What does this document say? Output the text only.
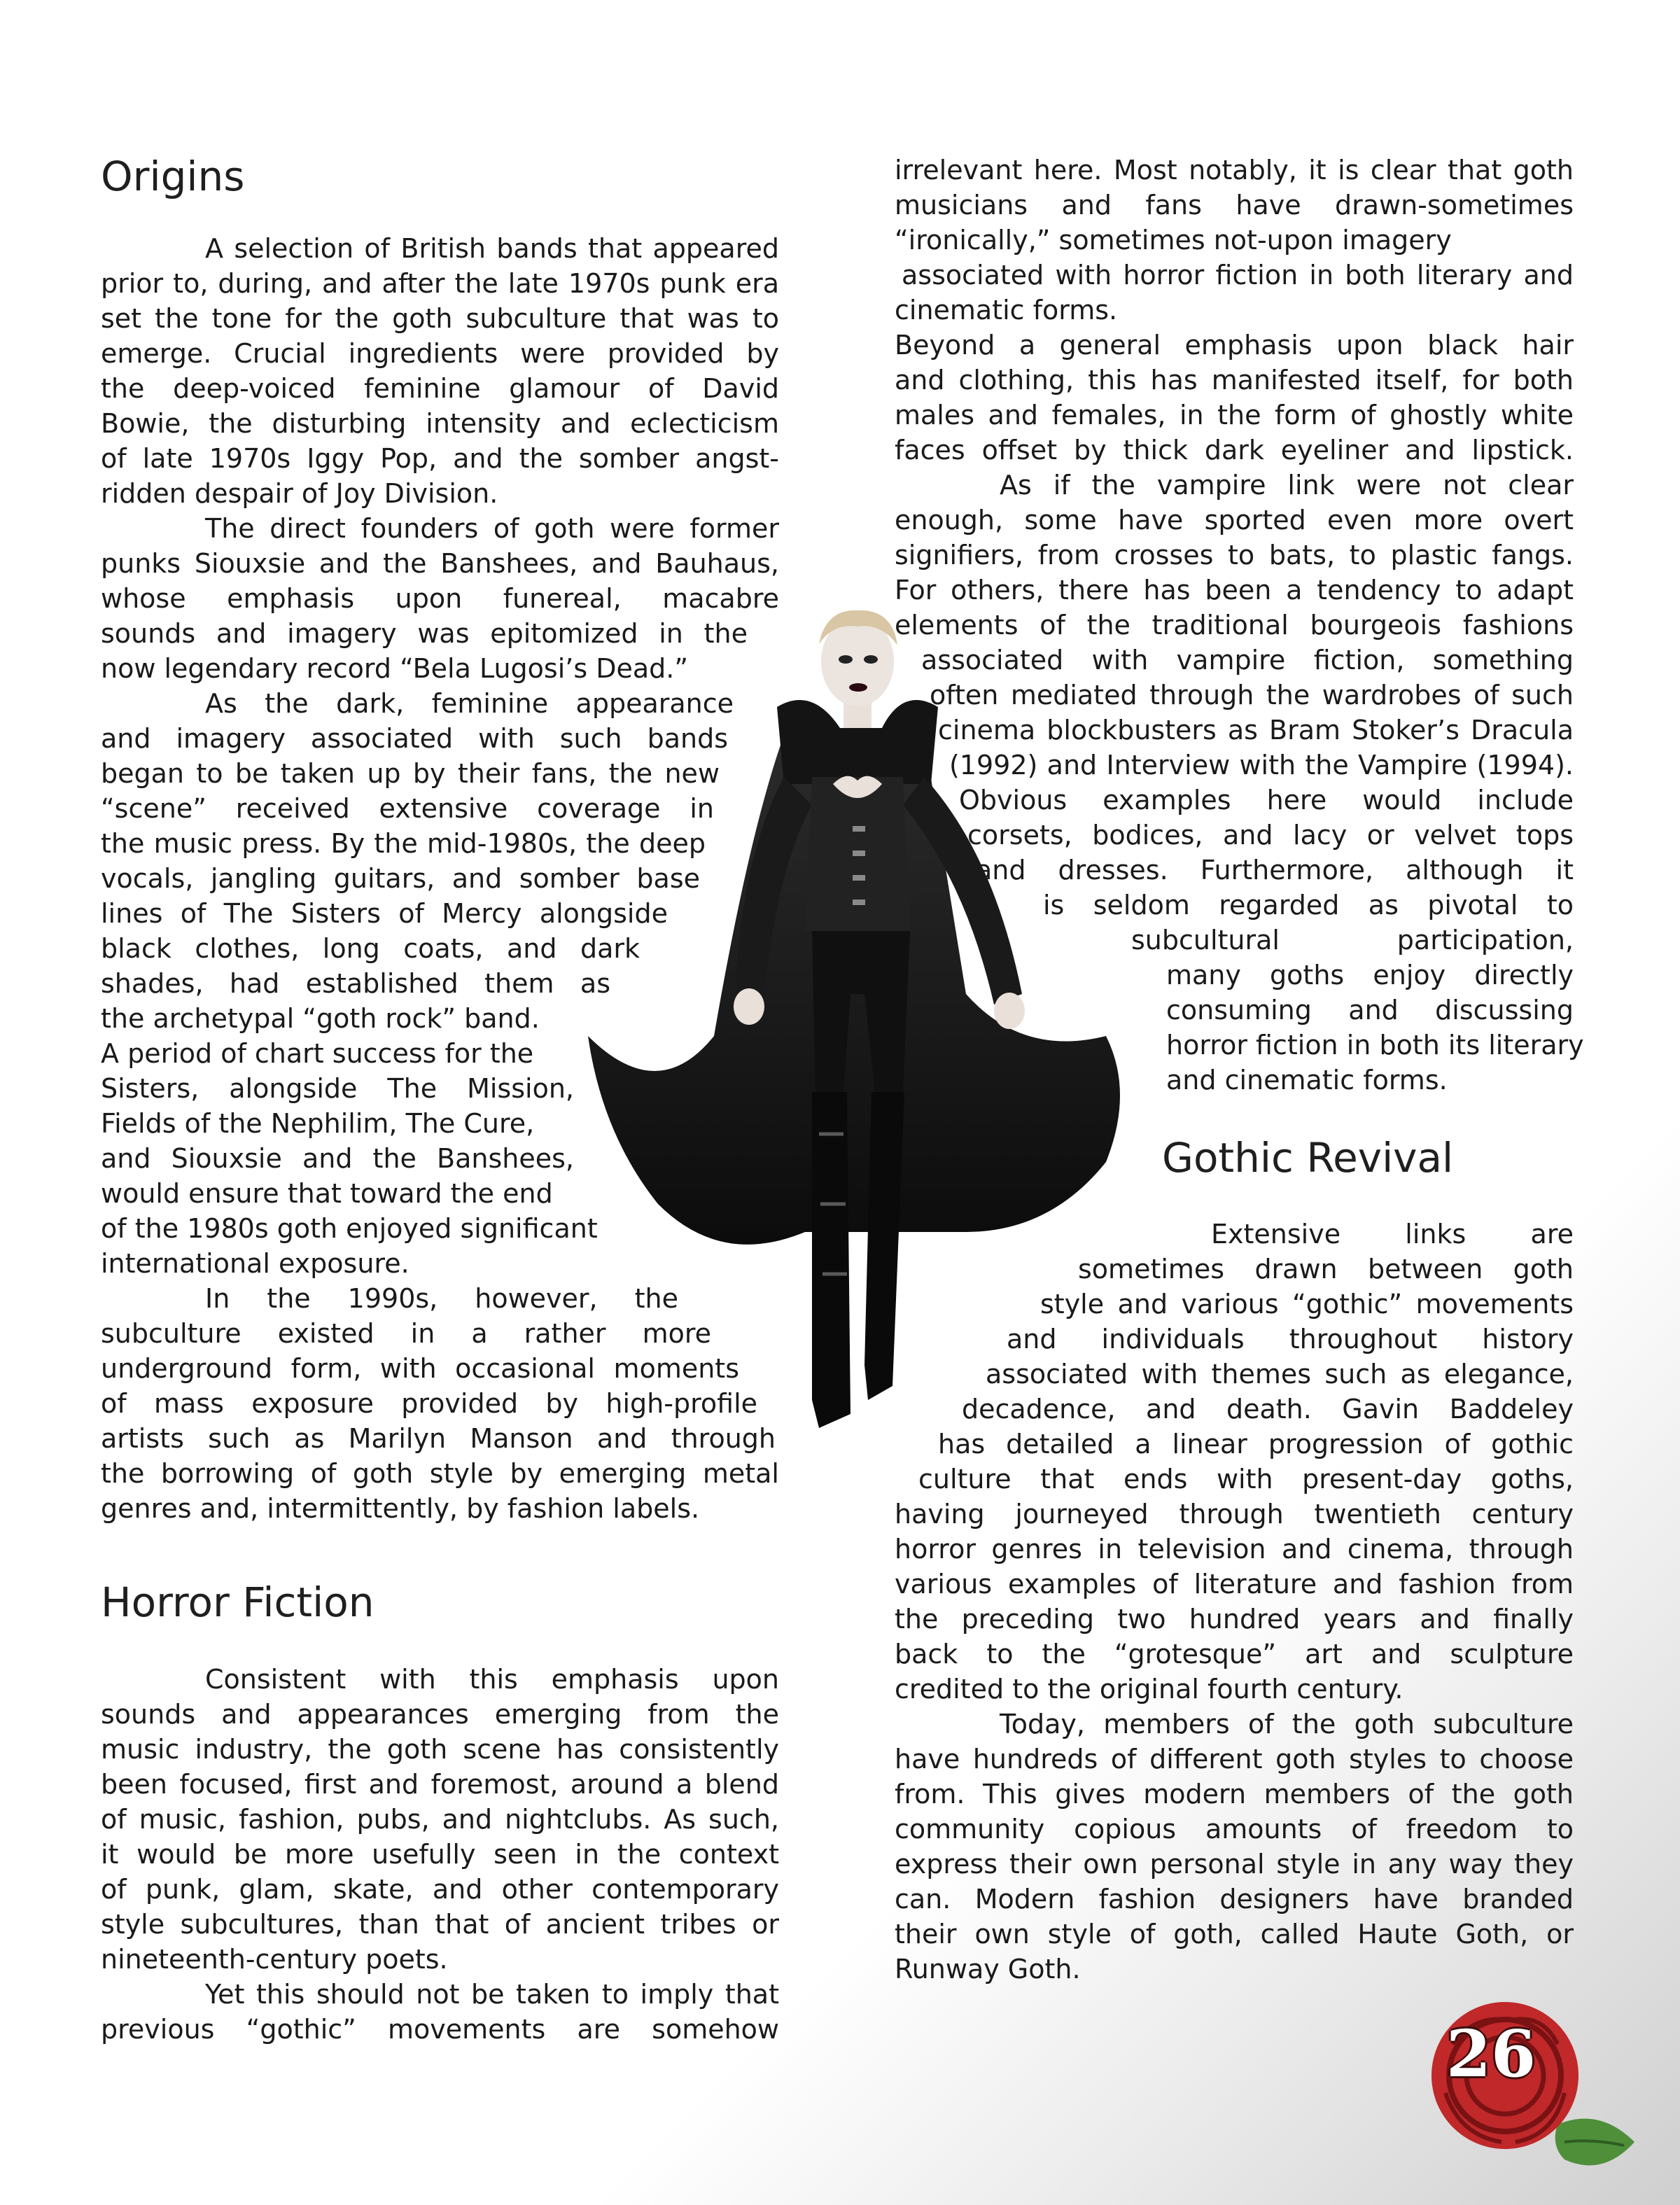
Origins
Horror Fiction
Gothic Revival

A selection of British bands that appeared

prior to, during, and after the late 1970s punk era

set the tone for the goth subculture that was to

emerge. Crucial ingredients were provided by

the deep-voiced feminine glamour of David

Bowie, the disturbing intensity and eclecticism

of late 1970s Iggy Pop, and the somber angst-

ridden despair of Joy Division.

The direct founders of goth were former

punks Siouxsie and the Banshees, and Bauhaus,

whose emphasis upon funereal, macabre

sounds and imagery was epitomized in the

now legendary record “Bela Lugosi’s Dead.”

As the dark, feminine appearance

and imagery associated with such bands

began to be taken up by their fans, the new

“scene” received extensive coverage in

the music press. By the mid-1980s, the deep

vocals, jangling guitars, and somber base

lines of The Sisters of Mercy alongside

black clothes, long coats, and dark

shades, had established them as

the archetypal “goth rock” band.

A period of chart success for the

Sisters, alongside The Mission,

Fields of the Nephilim, The Cure,

and Siouxsie and the Banshees,

would ensure that toward the end

of the 1980s goth enjoyed significant

international exposure.

In the 1990s, however, the

subculture existed in a rather more

underground form, with occasional moments

of mass exposure provided by high-profile

artists such as Marilyn Manson and through

the borrowing of goth style by emerging metal

genres and, intermittently, by fashion labels.

Consistent with this emphasis upon

sounds and appearances emerging from the

music industry, the goth scene has consistently

been focused, first and foremost, around a blend

of music, fashion, pubs, and nightclubs. As such,

it would be more usefully seen in the context

of punk, glam, skate, and other contemporary

style subcultures, than that of ancient tribes or

nineteenth-century poets.

Yet this should not be taken to imply that

previous “gothic” movements are somehow

irrelevant here. Most notably, it is clear that goth

musicians and fans have drawn-sometimes

“ironically,” sometimes not-upon imagery

associated with horror fiction in both literary and

cinematic forms.

Beyond a general emphasis upon black hair

and clothing, this has manifested itself, for both

males and females, in the form of ghostly white

faces offset by thick dark eyeliner and lipstick.

As if the vampire link were not clear

enough, some have sported even more overt

signifiers, from crosses to bats, to plastic fangs.

For others, there has been a tendency to adapt

elements of the traditional bourgeois fashions

associated with vampire fiction, something

often mediated through the wardrobes of such

cinema blockbusters as Bram Stoker’s Dracula

(1992) and Interview with the Vampire (1994).

Obvious examples here would include

corsets, bodices, and lacy or velvet tops

and dresses. Furthermore, although it

is seldom regarded as pivotal to

subcultural participation,

many goths enjoy directly

consuming and discussing

horror fiction in both its literary

and cinematic forms.

Extensive links are

sometimes drawn between goth

style and various “gothic” movements

and individuals throughout history

associated with themes such as elegance,

decadence, and death. Gavin Baddeley

has detailed a linear progression of gothic

culture that ends with present-day goths,

having journeyed through twentieth century

horror genres in television and cinema, through

various examples of literature and fashion from

the preceding two hundred years and finally

back to the “grotesque” art and sculpture

credited to the original fourth century.

Today, members of the goth subculture

have hundreds of different goth styles to choose

from. This gives modern members of the goth

community copious amounts of freedom to

express their own personal style in any way they

can. Modern fashion designers have branded

their own style of goth, called Haute Goth, or

Runway Goth.

26
